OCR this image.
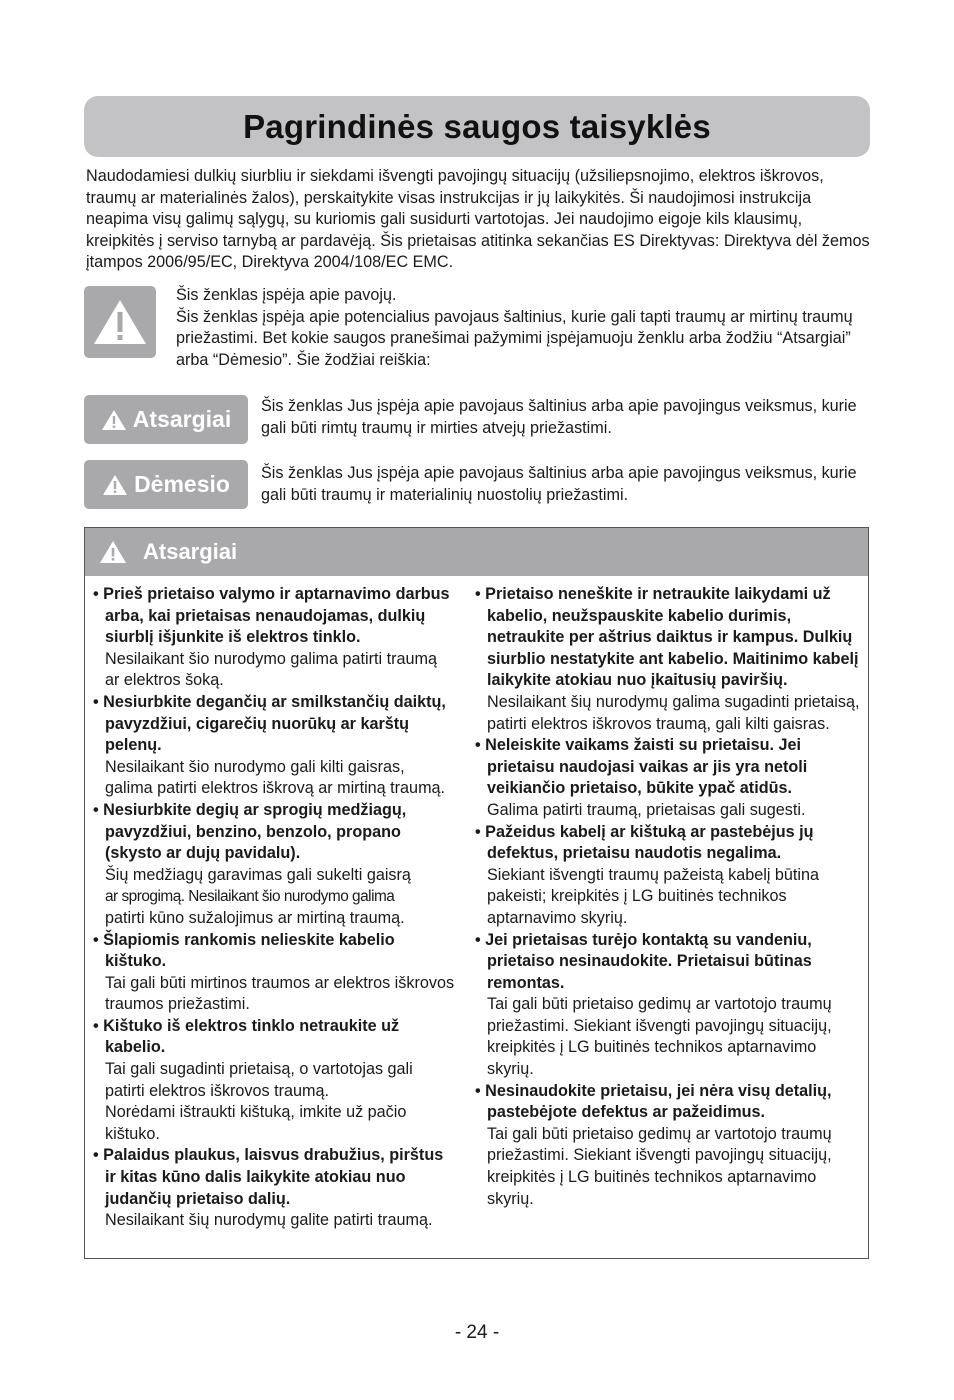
Pagrindinės saugos taisyklės

Naudodamiesi dulkių siurbliu ir siekdami išvengti pavojingų situacijų (užsiliepsnojimo, elektros iškrovos, traumų ar materialinės žalos), perskaitykite visas instrukcijas ir jų laikykitės. Ši naudojimosi instrukcija neapima visų galimų sąlygų, su kuriomis gali susidurti vartotojas. Jei naudojimo eigoje kils klausimų, kreipkitės į serviso tarnybą ar pardavėją. Šis prietaisas atitinka sekančias ES Direktyvas: Direktyva dėl žemos įtampos 2006/95/EC, Direktyva 2004/108/EC EMC.

Šis ženklas įspėja apie pavojų.
Šis ženklas įspėja apie potencialius pavojaus šaltinius, kurie gali tapti traumų ar mirtinų traumų priežastimi. Bet kokie saugos pranešimai pažymimi įspėjamuoju ženklu arba žodžiu “Atsargiai” arba “Dėmesio”. Šie žodžiai reiškia:
Atsargiai Šis ženklas Jus įspėja apie pavojaus šaltinius arba apie pavojingus veiksmus, kurie gali būti rimtų traumų ir mirties atvejų priežastimi.

Dėmesio Šis ženklas Jus įspėja apie pavojaus šaltinius arba apie pavojingus veiksmus, kurie gali būti traumų ir materialinių nuostolių priežastimi.

Atsargiai
• Prieš prietaiso valymo ir aptarnavimo darbus arba, kai prietaisas nenaudojamas, dulkių siurblį išjunkite iš elektros tinklo.
Nesilaikant šio nurodymo galima patirti traumą ar elektros šoką.
• Nesiurbkite degančių ar smilkstančių daiktų, pavyzdžiui, cigarečių nuorūkų ar karštų pelenų.
Nesilaikant šio nurodymo gali kilti gaisras, galima patirti elektros iškrovą ar mirtiną traumą.
• Nesiurbkite degių ar sprogių medžiagų, pavyzdžiui, benzino, benzolo, propano (skysto ar dujų pavidalu).
Šių medžiagų garavimas gali sukelti gaisrą
ar sprogimą. Nesilaikant šio nurodymo galima
patirti kūno sužalojimus ar mirtiną traumą.
• Šlapiomis rankomis nelieskite kabelio kištuko.
Tai gali būti mirtinos traumos ar elektros iškrovos traumos priežastimi.
• Kištuko iš elektros tinklo netraukite už kabelio.
Tai gali sugadinti prietaisą, o vartotojas gali patirti elektros iškrovos traumą.
Norėdami ištraukti kištuką, imkite už pačio kištuko.
• Palaidus plaukus, laisvus drabužius, pirštus ir kitas kūno dalis laikykite atokiau nuo judančių prietaiso dalių.
Nesilaikant šių nurodymų galite patirti traumą.
• Prietaiso neneškite ir netraukite laikydami už kabelio, neužspauskite kabelio durimis, netraukite per aštrius daiktus ir kampus. Dulkių siurblio nestatykite ant kabelio. Maitinimo kabelį laikykite atokiau nuo įkaitusių paviršių.
Nesilaikant šių nurodymų galima sugadinti prietaisą, patirti elektros iškrovos traumą, gali kilti gaisras.
• Neleiskite vaikams žaisti su prietaisu. Jei prietaisu naudojasi vaikas ar jis yra netoli veikiančio prietaiso, būkite ypač atidūs.
Galima patirti traumą, prietaisas gali sugesti.
• Pažeidus kabelį ar kištuką ar pastebėjus jų defektus, prietaisu naudotis negalima.
Siekiant išvengti traumų pažeistą kabelį būtina pakeisti; kreipkitės į LG buitinės technikos aptarnavimo skyrių.
• Jei prietaisas turėjo kontaktą su vandeniu, prietaiso nesinaudokite. Prietaisui būtinas remontas.
Tai gali būti prietaiso gedimų ar vartotojo traumų priežastimi. Siekiant išvengti pavojingų situacijų, kreipkitės į LG buitinės technikos aptarnavimo skyrių.
• Nesinaudokite prietaisu, jei nėra visų detalių, pastebėjote defektus ar pažeidimus.
Tai gali būti prietaiso gedimų ar vartotojo traumų priežastimi. Siekiant išvengti pavojingų situacijų, kreipkitės į LG buitinės technikos aptarnavimo skyrių.
- 24 -
